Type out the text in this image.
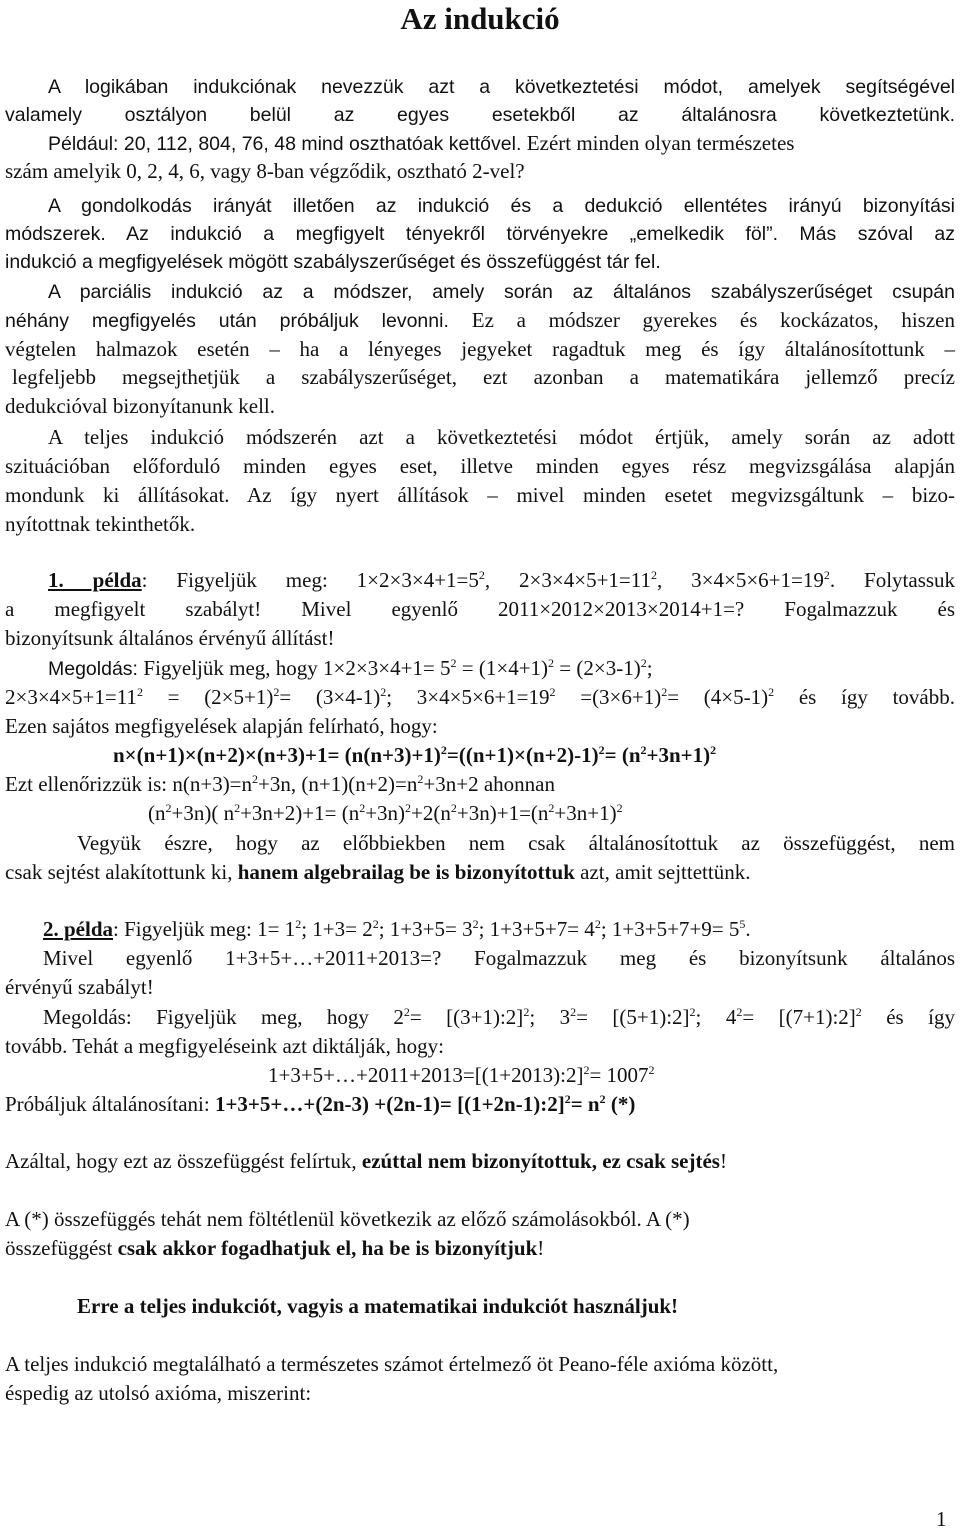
Az indukció
A logikában indukciónak nevezzük azt a következtetési módot, amelyek segítségével
valamely osztályon belül az egyes esetekből az általánosra következtetünk.
Például: 20, 112, 804, 76, 48 mind oszthatóak kettővel. Ezért minden olyan természetes
szám amelyik 0, 2, 4, 6, vagy 8-ban végződik, osztható 2-vel?
A gondolkodás irányát illetően az indukció és a dedukció ellentétes irányú bizonyítási
módszerek. Az indukció a megfigyelt tényekről törvényekre „emelkedik föl”. Más szóval az
indukció a megfigyelések mögött szabályszerűséget és összefüggést tár fel.
A parciális indukció az a módszer, amely során az általános szabályszerűséget csupán
néhány megfigyelés után próbáljuk levonni. Ez a módszer gyerekes és kockázatos, hiszen
végtelen halmazok esetén – ha a lényeges jegyeket ragadtuk meg és így általánosítottunk –
legfeljebb megsejthetjük a szabályszerűséget, ezt azonban a matematikára jellemző precíz
dedukcióval bizonyítanunk kell.
A teljes indukció módszerén azt a következtetési módot értjük, amely során az adott
szituációban előforduló minden egyes eset, illetve minden egyes rész megvizsgálása alapján
mondunk ki állításokat. Az így nyert állítások – mivel minden esetet megvizsgáltunk – bizo-
nyítottnak tekinthetők.
1. példa: Figyeljük meg: $1\times 2\times 3\times 4+1=5^2$, $2\times 3\times 4\times 5+1=11^2$, $3\times 4\times 5\times 6+1=19^2$. Folytassuk
a megfigyelt szabályt! Mivel egyenlő 2011×2012×2013×2014+1=? Fogalmazzuk és
bizonyítsunk általános érvényű állítást!
Megoldás: Figyeljük meg, hogy $1\times 2\times 3\times 4+1= 5^2 = (1\times 4+1)^2 = (2\times 3-1)^2$;
$2\times 3\times 4\times 5+1=11^2 = (2\times 5+1)^2= (3\times 4-1)^2$; $3\times 4\times 5\times 6+1=19^2 =(3\times 6+1)^2= (4\times 5-1)^2$ és így tovább.
Ezen sajátos megfigyelések alapján felírható, hogy:
$n\times(n+1)\times(n+2)\times(n+3)+1= (n(n+3)+1)^2=((n+1)\times(n+2)-1)^2= (n^2+3n+1)^2$
Ezt ellenőrizzük is: $n(n+3)=n^2+3n$, $(n+1)(n+2)=n^2+3n+2$ ahonnan
$(n^2+3n)$( $n^2+3n+2)+1= (n^2+3n)^2+2(n^2+3n)+1=(n^2+3n+1)^2$
Vegyük észre, hogy az előbbiekben nem csak általánosítottuk az összefüggést, nem
csak sejtést alakítottunk ki, hanem algebrailag be is bizonyítottuk azt, amit sejttettünk.
2. példa: Figyeljük meg: $1= 1^2$; $1+3= 2^2$; $1+3+5= 3^2$; $1+3+5+7= 4^2$; $1+3+5+7+9= 5^5$.
Mivel egyenlő 1+3+5+…+2011+2013=? Fogalmazzuk meg és bizonyítsunk általános
érvényű szabályt!
Megoldás: Figyeljük meg, hogy $2^2=$ [(3+1):2]$^2$; $3^2=$ [(5+1):2]$^2$; $4^2=$ [(7+1):2]$^2$ és így
tovább. Tehát a megfigyeléseink azt diktálják, hogy:
1+3+5+…+2011+2013=[(1+2013):2]$^2$= $1007^2$
Próbáljuk általánosítani: 1+3+5+…+(2n-3) +(2n-1)= [(1+2n-1):2]$^2$= $n^2$ (*)
Azáltal, hogy ezt az összefüggést felírtuk, ezúttal nem bizonyítottuk, ez csak sejtés!
A (*) összefüggés tehát nem föltétlenül következik az előző számolásokból. A (*)
összefüggést csak akkor fogadhatjuk el, ha be is bizonyítjuk!
Erre a teljes indukciót, vagyis a matematikai indukciót használjuk!
A teljes indukció megtalálható a természetes számot értelmező öt Peano-féle axióma között,
éspedig az utolsó axióma, miszerint:
1
